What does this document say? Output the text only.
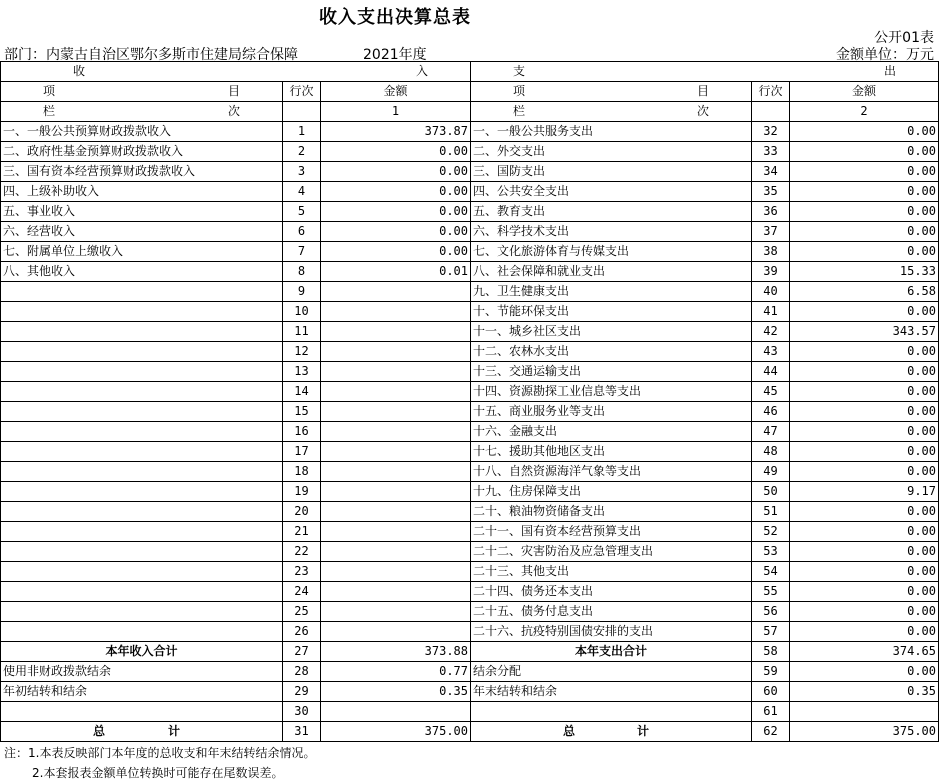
收入支出决算总表
公开01表
部门：内蒙古自治区鄂尔多斯市住建局综合保障	2021年度	金额单位：万元
收 入			支 出		

项 目	行次	金额	项 目	行次	金额

栏 次		1	栏 次		2
一、一般公共预算财政拨款收入	1	373.87	一、一般公共服务支出	32	0.00
二、政府性基金预算财政拨款收入	2	0.00	二、外交支出	33	0.00
三、国有资本经营预算财政拨款收入	3	0.00	三、国防支出	34	0.00
四、上级补助收入	4	0.00	四、公共安全支出	35	0.00
五、事业收入	5	0.00	五、教育支出	36	0.00
六、经营收入	6	0.00	六、科学技术支出	37	0.00
七、附属单位上缴收入	7	0.00	七、文化旅游体育与传媒支出	38	0.00
八、其他收入	8	0.01	八、社会保障和就业支出	39	15.33
	9		九、卫生健康支出	40	6.58
	10		十、节能环保支出	41	0.00
	11		十一、城乡社区支出	42	343.57
	12		十二、农林水支出	43	0.00
	13		十三、交通运输支出	44	0.00
	14		十四、资源勘探工业信息等支出	45	0.00
	15		十五、商业服务业等支出	46	0.00
	16		十六、金融支出	47	0.00
	17		十七、援助其他地区支出	48	0.00
	18		十八、自然资源海洋气象等支出	49	0.00
	19		十九、住房保障支出	50	9.17
	20		二十、粮油物资储备支出	51	0.00
	21		二十一、国有资本经营预算支出	52	0.00
	22		二十二、灾害防治及应急管理支出	53	0.00
	23		二十三、其他支出	54	0.00
	24		二十四、债务还本支出	55	0.00
	25		二十五、债务付息支出	56	0.00
	26		二十六、抗疫特别国债安排的支出	57	0.00
本年收入合计	27	373.88	本年支出合计	58	374.65
使用非财政拨款结余	28	0.77	结余分配	59	0.00
年初结转和结余	29	0.35	年末结转和结余	60	0.35
	30			61	

总 计	31	375.00	总 计	62	375.00
注：1.本表反映部门本年度的总收支和年末结转结余情况。
2.本套报表金额单位转换时可能存在尾数误差。
